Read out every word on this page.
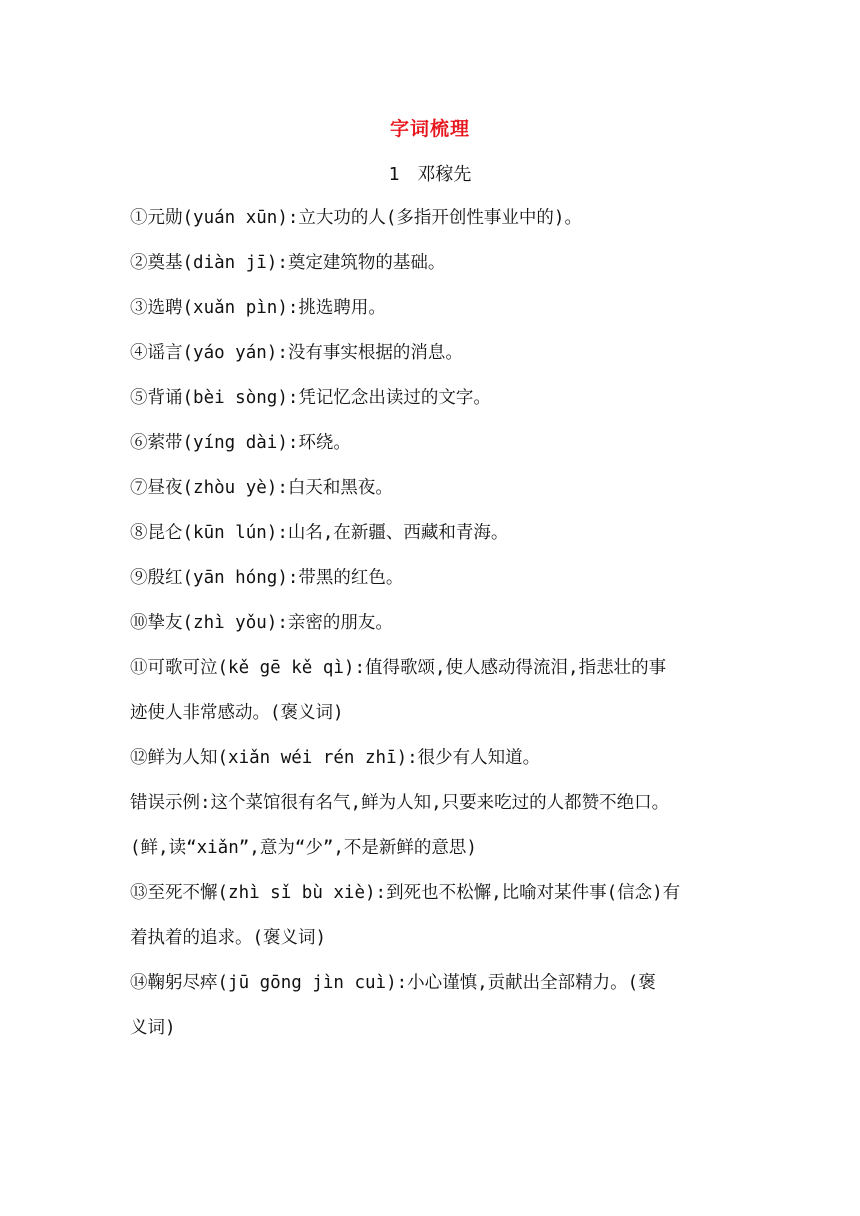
字词梳理
1 邓稼先
①元勋(yuán xūn):立大功的人(多指开创性事业中的)。
②奠基(diàn jī):奠定建筑物的基础。
③选聘(xuǎn pìn):挑选聘用。
④谣言(yáo yán):没有事实根据的消息。
⑤背诵(bèi sòng):凭记忆念出读过的文字。
⑥萦带(yíng dài):环绕。
⑦昼夜(zhòu yè):白天和黑夜。
⑧昆仑(kūn lún):山名,在新疆、西藏和青海。
⑨殷红(yān hóng):带黑的红色。
⑩挚友(zhì yǒu):亲密的朋友。
⑪可歌可泣(kě gē kě qì):值得歌颂,使人感动得流泪,指悲壮的事
迹使人非常感动。(褒义词)
⑫鲜为人知(xiǎn wéi rén zhī):很少有人知道。
错误示例:这个菜馆很有名气,鲜为人知,只要来吃过的人都赞不绝口。
(鲜,读“xiǎn”,意为“少”,不是新鲜的意思)
⑬至死不懈(zhì sǐ bù xiè):到死也不松懈,比喻对某件事(信念)有
着执着的追求。(褒义词)
⑭鞠躬尽瘁(jū gōng jìn cuì):小心谨慎,贡献出全部精力。(褒
义词)
